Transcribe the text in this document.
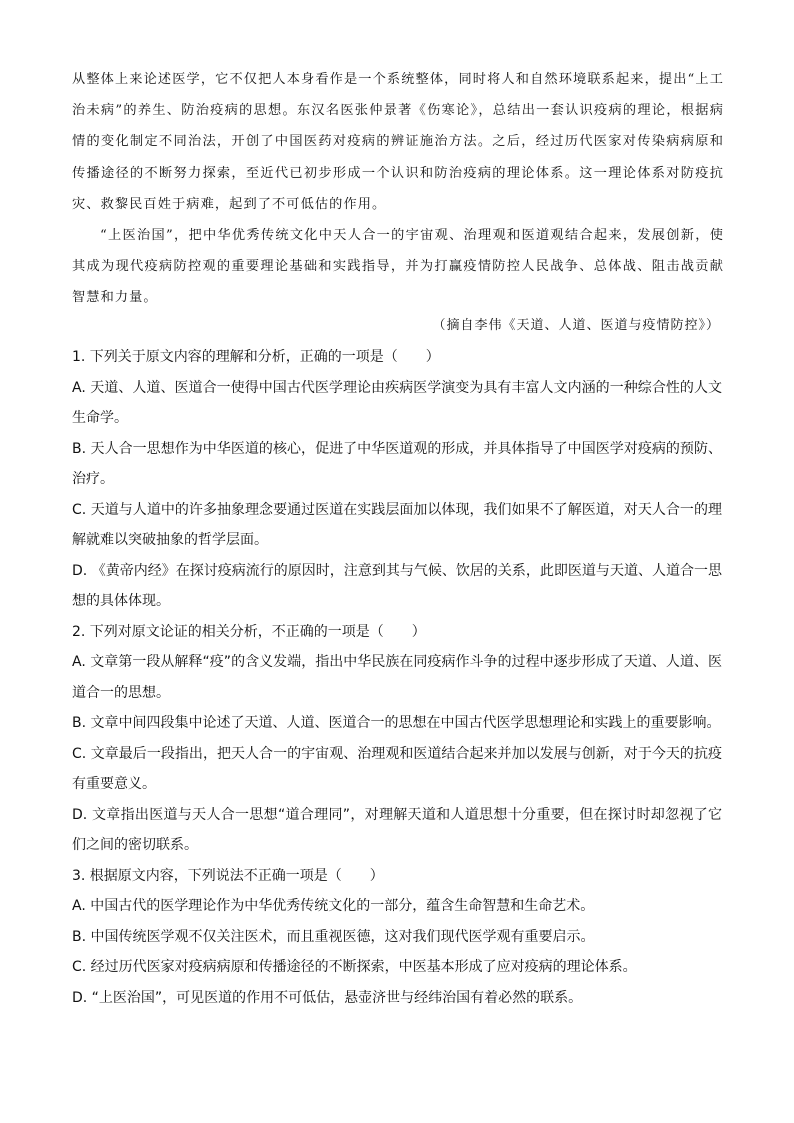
从整体上来论述医学，它不仅把人本身看作是一个系统整体，同时将人和自然环境联系起来，提出“上工治未病”的养生、防治疫病的思想。东汉名医张仲景著《伤寒论》，总结出一套认识疫病的理论，根据病情的变化制定不同治法，开创了中国医药对疫病的辨证施治方法。之后，经过历代医家对传染病病原和传播途径的不断努力探索，至近代已初步形成一个认识和防治疫病的理论体系。这一理论体系对防疫抗灾、救黎民百姓于病难，起到了不可低估的作用。

“上医治国”，把中华优秀传统文化中天人合一的宇宙观、治理观和医道观结合起来，发展创新，使其成为现代疫病防控观的重要理论基础和实践指导，并为打赢疫情防控人民战争、总体战、阻击战贡献智慧和力量。

（摘自李伟《天道、人道、医道与疫情防控》）

1. 下列关于原文内容的理解和分析，正确的一项是（　　）

A. 天道、人道、医道合一使得中国古代医学理论由疾病医学演变为具有丰富人文内涵的一种综合性的人文生命学。

B. 天人合一思想作为中华医道的核心，促进了中华医道观的形成，并具体指导了中国医学对疫病的预防、治疗。

C. 天道与人道中的许多抽象理念要通过医道在实践层面加以体现，我们如果不了解医道，对天人合一的理解就难以突破抽象的哲学层面。

D. 《黄帝内经》在探讨疫病流行的原因时，注意到其与气候、饮居的关系，此即医道与天道、人道合一思想的具体体现。

2. 下列对原文论证的相关分析，不正确的一项是（　　）

A. 文章第一段从解释“疫”的含义发端，指出中华民族在同疫病作斗争的过程中逐步形成了天道、人道、医道合一的思想。

B. 文章中间四段集中论述了天道、人道、医道合一的思想在中国古代医学思想理论和实践上的重要影响。

C. 文章最后一段指出，把天人合一的宇宙观、治理观和医道结合起来并加以发展与创新，对于今天的抗疫有重要意义。

D. 文章指出医道与天人合一思想“道合理同”，对理解天道和人道思想十分重要，但在探讨时却忽视了它们之间的密切联系。

3. 根据原文内容，下列说法不正确一项是（　　）

A. 中国古代的医学理论作为中华优秀传统文化的一部分，蕴含生命智慧和生命艺术。

B. 中国传统医学观不仅关注医术，而且重视医德，这对我们现代医学观有重要启示。

C. 经过历代医家对疫病病原和传播途径的不断探索，中医基本形成了应对疫病的理论体系。

D. “上医治国”，可见医道的作用不可低估，悬壶济世与经纬治国有着必然的联系。
